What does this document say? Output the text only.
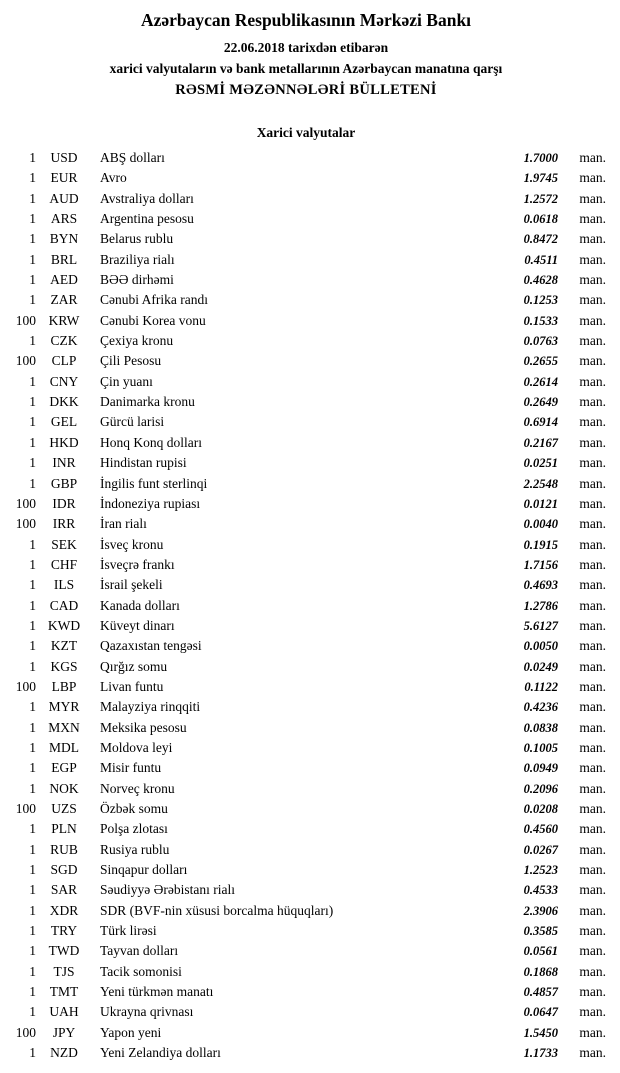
Azərbaycan Respublikasının Mərkəzi Bankı
22.06.2018 tarixdən etibarən
xarici valyutaların və bank metallarının Azərbaycan manatına qarşı
RƏSMİ MƏZƏNNƏLƏRİ BÜLLETENİ
Xarici valyutalar
1	USD	ABŞ dolları	1.7000	man.
1	EUR	Avro	1.9745	man.
1 AUD	Avstraliya dolları	1.2572	man.
1	ARS	Argentina pesosu	0.0618	man.
1	BYN	Belarus rublu	0.8472	man.
1	BRL	Braziliya rialı	0.4511	man.
1	AED	BƏƏ dirhəmi	0.4628	man.
1	ZAR	Cənubi Afrika randı	0.1253	man.
100 KRW	Cənubi Korea vonu	0.1533	man.
1	CZK	Çexiya kronu	0.0763	man.
100	CLP	Çili Pesosu	0.2655	man.
1	CNY	Çin yuanı	0.2614	man.
1 DKK	Danimarka kronu	0.2649	man.
1	GEL	Gürcü larisi	0.6914	man.
1 HKD	Honq Konq dolları	0.2167	man.
1	INR	Hindistan rupisi	0.0251	man.
1	GBP	İngilis funt sterlinqi	2.2548	man.
100	IDR	İndoneziya rupiası	0.0121	man.
100	IRR	İran rialı	0.0040	man.
1	SEK	İsveç kronu	0.1915	man.
1	CHF	İsveçrə frankı	1.7156	man.
1	ILS	İsrail şekeli	0.4693	man.
1	CAD	Kanada dolları	1.2786	man.
1 KWD	Küveyt dinarı	5.6127	man.
1	KZT	Qazaxıstan tengəsi	0.0050	man.
1	KGS	Qırğız somu	0.0249	man.
100	LBP	Livan funtu	0.1122	man.
1 MYR	Malayziya rinqqiti	0.4236	man.
1 MXN	Meksika pesosu	0.0838	man.
1 MDL	Moldova leyi	0.1005	man.
1	EGP	Misir funtu	0.0949	man.
1 NOK	Norveç kronu	0.2096	man.
100	UZS	Özbək somu	0.0208	man.
1	PLN	Polşa zlotası	0.4560	man.
1	RUB	Rusiya rublu	0.0267	man.
1	SGD	Sinqapur dolları	1.2523	man.
1	SAR	Səudiyyə Ərəbistanı rialı	0.4533	man.
1	XDR	SDR (BVF-nin xüsusi borcalma hüquqları)	2.3906	man.
1	TRY	Türk lirəsi	0.3585	man.
1 TWD	Tayvan dolları	0.0561	man.
1	TJS	Tacik somonisi	0.1868	man.
1	TMT	Yeni türkmən manatı	0.4857	man.
1 UAH	Ukrayna qrivnası	0.0647	man.
100	JPY	Yapon yeni	1.5450	man.
1	NZD	Yeni Zelandiya dolları	1.1733	man.
